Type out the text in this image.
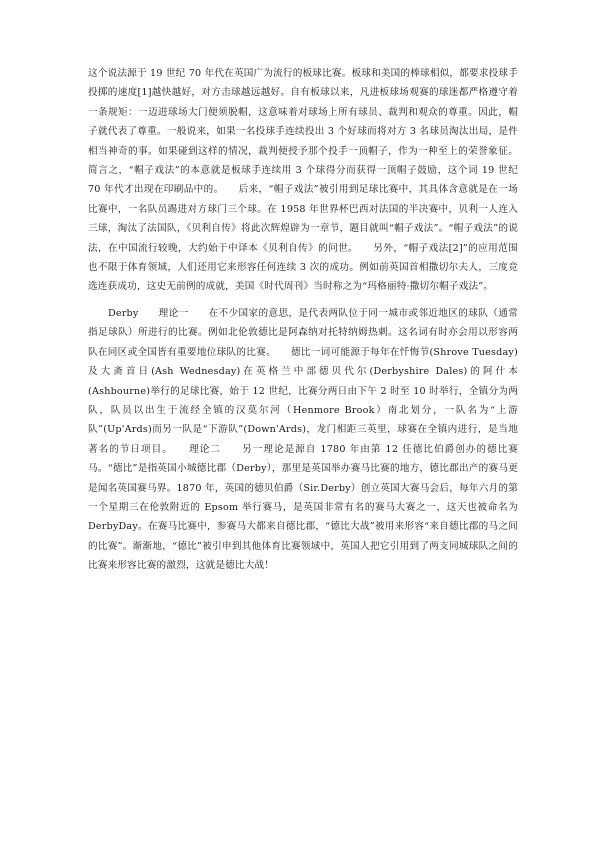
这个说法源于 19 世纪 70 年代在英国广为流行的板球比赛。板球和美国的棒球相似，都要求投球手投掷的速度[1]越快越好，对方击球越远越好。自有板球以来，凡进板球场观赛的球迷都严格遵守着一条规矩：一迈进球场大门便须脱帽，这意味着对球场上所有球员、裁判和观众的尊重。因此，帽子就代表了尊重。一般说来，如果一名投球手连续投出 3 个好球而将对方 3 名球员淘汰出局，是件相当神奇的事。如果碰到这样的情况，裁判便授予那个投手一顶帽子，作为一种至上的荣誉象征。简言之，“帽子戏法”的本意就是板球手连续用 3 个球得分而获得一顶帽子鼓励，这个词 19 世纪 70 年代才出现在印刷品中的。　　后来，“帽子戏法”被引用到足球比赛中，其具体含意就是在一场比赛中，一名队员踢进对方球门三个球。在 1958 年世界杯巴西对法国的半决赛中，贝利一人连入三球，淘汰了法国队，《贝利自传》将此次辉煌辟为一章节，题目就叫“帽子戏法”。“帽子戏法”的说法，在中国流行较晚，大约始于中译本《贝利自传》的问世。　　另外，“帽子戏法[2]”的应用范围也不限于体育领域，人们还用它来形容任何连续 3 次的成功。例如前英国首相撒切尔夫人，三度竞选连获成功，这史无前例的成就，美国《时代周刊》当时称之为“玛格丽特·撒切尔帽子戏法”。

　　Derby　　理论一　　在不少国家的意思，是代表两队位于同一城市或邻近地区的球队（通常指足球队）所进行的比赛。例如北伦敦德比是阿森纳对托特纳姆热刺。这名词有时亦会用以形容两队在同区或全国皆有重要地位球队的比赛。　　德比一词可能源于每年在忏悔节(Shrove Tuesday)及大斋首日(Ash Wednesday)在英格兰中部德贝代尔(Derbyshire Dales)的阿什本(Ashbourne)举行的足球比赛，始于 12 世纪，比赛分两日由下午 2 时至 10 时举行，全镇分为两队，队员以出生于流经全镇的汉莫尔河（Henmore Brook）南北划分，一队名为“上游队”(Up'Ards)而另一队是“下游队”(Down'Ards)，龙门相距三英里，球赛在全镇内进行，是当地著名的节日项目。　　理论二　　另一理论是源自 1780 年由第 12 任德比伯爵创办的德比赛马。“德比”是指英国小城德比郡（Derby），那里是英国举办赛马比赛的地方，德比郡出产的赛马更是闻名英国赛马界。1870 年，英国的德贝伯爵（Sir.Derby）创立英国大赛马会后，每年六月的第一个星期三在伦敦附近的 Epsom 举行赛马，是英国非常有名的赛马大赛之一，这天也被命名为 DerbyDay。在赛马比赛中，参赛马大都来自德比郡，“德比大战”被用来形容“来自德比郡的马之间的比赛”。渐渐地，“德比”被引申到其他体育比赛领域中，英国人把它引用到了两支同城球队之间的比赛来形容比赛的激烈，这就是德比大战！
